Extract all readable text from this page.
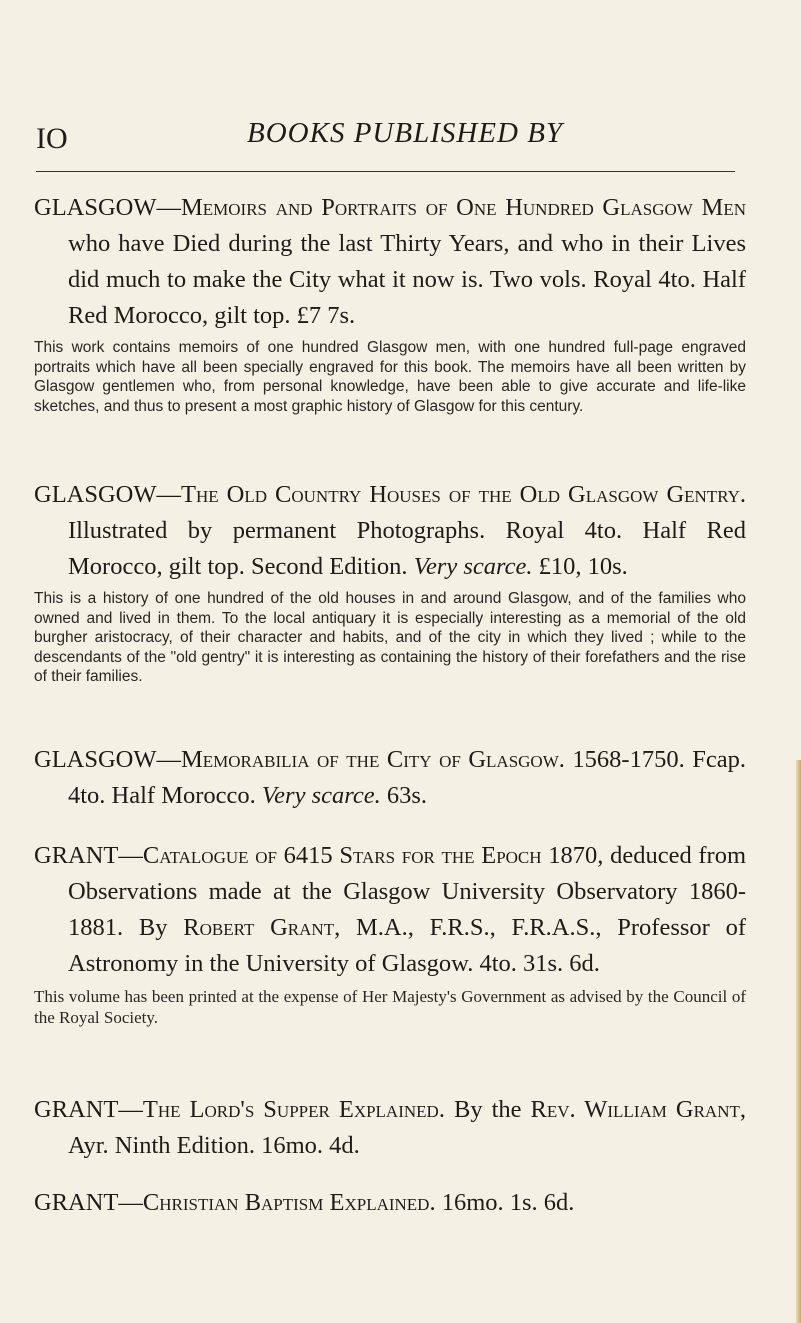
IO	BOOKS PUBLISHED BY
GLASGOW—Memoirs and Portraits of One Hundred Glasgow Men who have Died during the last Thirty Years, and who in their Lives did much to make the City what it now is. Two vols. Royal 4to. Half Red Morocco, gilt top. £7 7s.
This work contains memoirs of one hundred Glasgow men, with one hundred full-page engraved portraits which have all been specially engraved for this book. The memoirs have all been written by Glasgow gentlemen who, from personal knowledge, have been able to give accurate and life-like sketches, and thus to present a most graphic history of Glasgow for this century.
GLASGOW—The Old Country Houses of the Old Glasgow Gentry. Illustrated by permanent Photographs. Royal 4to. Half Red Morocco, gilt top. Second Edition. Very scarce. £10, 10s.
This is a history of one hundred of the old houses in and around Glasgow, and of the families who owned and lived in them. To the local antiquary it is especially interesting as a memorial of the old burgher aristocracy, of their character and habits, and of the city in which they lived ; while to the descendants of the "old gentry" it is interesting as containing the history of their forefathers and the rise of their families.
GLASGOW—Memorabilia of the City of Glasgow. 1568-1750. Fcap. 4to. Half Morocco. Very scarce. 63s.
GRANT—Catalogue of 6415 Stars for the Epoch 1870, deduced from Observations made at the Glasgow University Observatory 1860-1881. By Robert Grant, M.A., F.R.S., F.R.A.S., Professor of Astronomy in the University of Glasgow. 4to. 31s. 6d.
This volume has been printed at the expense of Her Majesty's Government as advised by the Council of the Royal Society.
GRANT—The Lord's Supper Explained. By the Rev. William Grant, Ayr. Ninth Edition. 16mo. 4d.
GRANT—Christian Baptism Explained. 16mo. 1s. 6d.
